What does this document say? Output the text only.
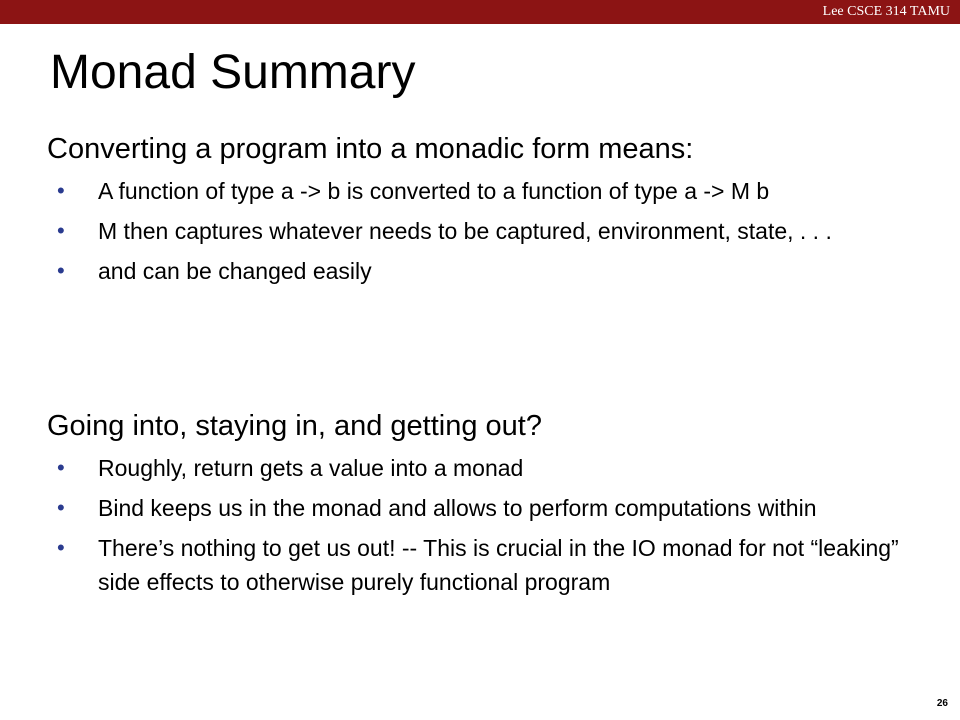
Lee CSCE 314 TAMU
Monad Summary
Converting a program into a monadic form means:
• A function of type a -> b is converted to a function of type a -> M b
• M then captures whatever needs to be captured, environment, state, . . .
• and can be changed easily
Going into, staying in, and getting out?
• Roughly, return gets a value into a monad
• Bind keeps us in the monad and allows to perform computations within
• There’s nothing to get us out! -- This is crucial in the IO monad for not “leaking” side effects to otherwise purely functional program
26
